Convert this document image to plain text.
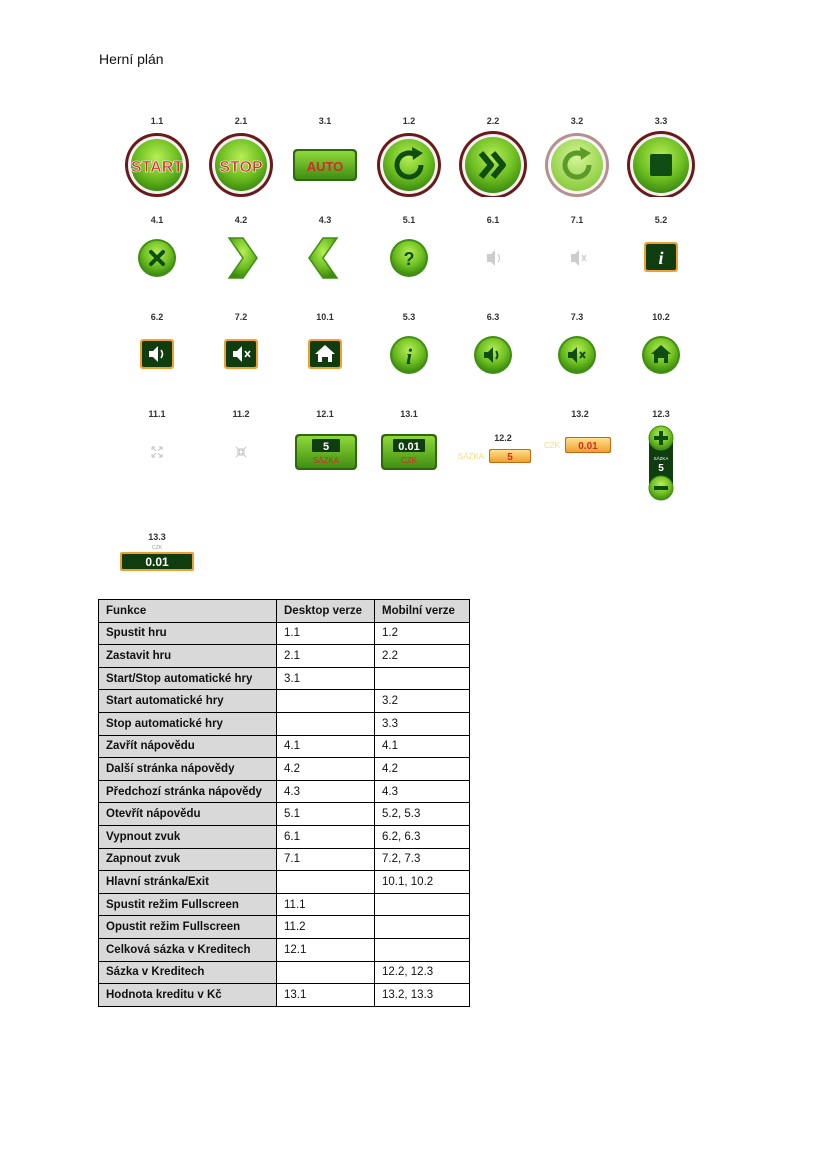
Herní plán
1.1
START
2.1
STOP
3.1
AUTO
1.2	2.2	3.2	3.3
4.1	4.2	4.3	5.1
?
6.1	7.1	5.2
i
6.2	7.2	10.1	5.3
i
6.3	7.3	10.2
11.1	11.2	12.1
5
SÁZKA
13.1
0.01
CZK
12.2
SÁZKA 5
13.2
CZK 0.01
12.3
SÁZKA
5
13.3
CZK
0.01
Funkce	Desktop verze	Mobilní verze
Spustit hru	1.1	1.2
Zastavit hru	2.1	2.2
Start/Stop automatické hry	3.1	
Start automatické hry		3.2
Stop automatické hry		3.3
Zavřít nápovědu	4.1	4.1
Další stránka nápovědy	4.2	4.2
Předchozí stránka nápovědy	4.3	4.3
Otevřít nápovědu	5.1	5.2, 5.3
Vypnout zvuk	6.1	6.2, 6.3
Zapnout zvuk	7.1	7.2, 7.3
Hlavní stránka/Exit		10.1, 10.2
Spustit režim Fullscreen	11.1	
Opustit režim Fullscreen	11.2	
Celková sázka v Kreditech	12.1	
Sázka v Kreditech		12.2, 12.3
Hodnota kreditu v Kč	13.1	13.2, 13.3
